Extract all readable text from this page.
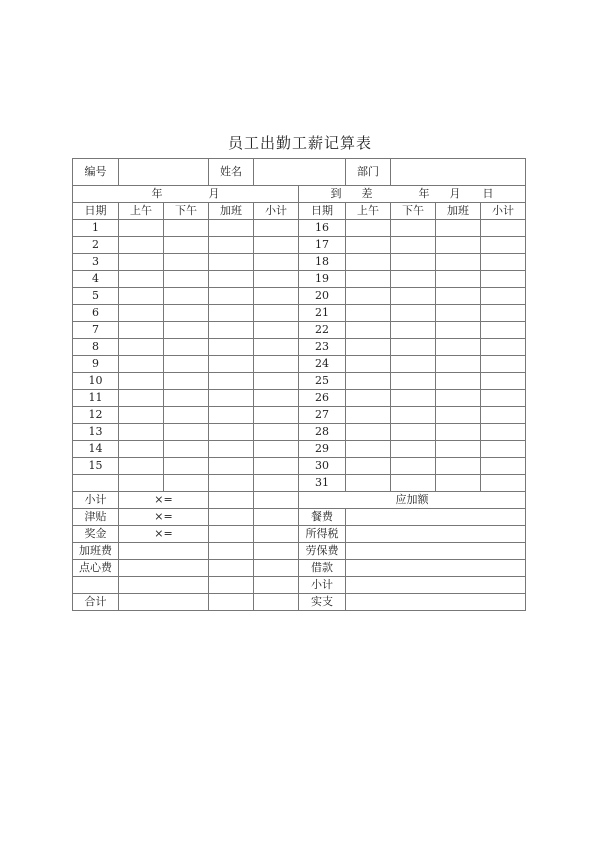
员工出勤工薪记算表
编号			姓名			部门			
年 月					到 差 年 月 日				
日期	上午	下午	加班	小计	日期	上午	下午	加班	小计
1					16				
2					17				
3					18				
4					19				
5					20				
6					21				
7					22				
8					23				
9					24				
10					25				
11					26				
12					27				
13					28				
14					29				
15					30				
					31				
小计	×=				应加额				
津贴	×=				餐费				
奖金	×=				所得税				
加班费					劳保费				
点心费					借款				
					小计				
合计					实支				
